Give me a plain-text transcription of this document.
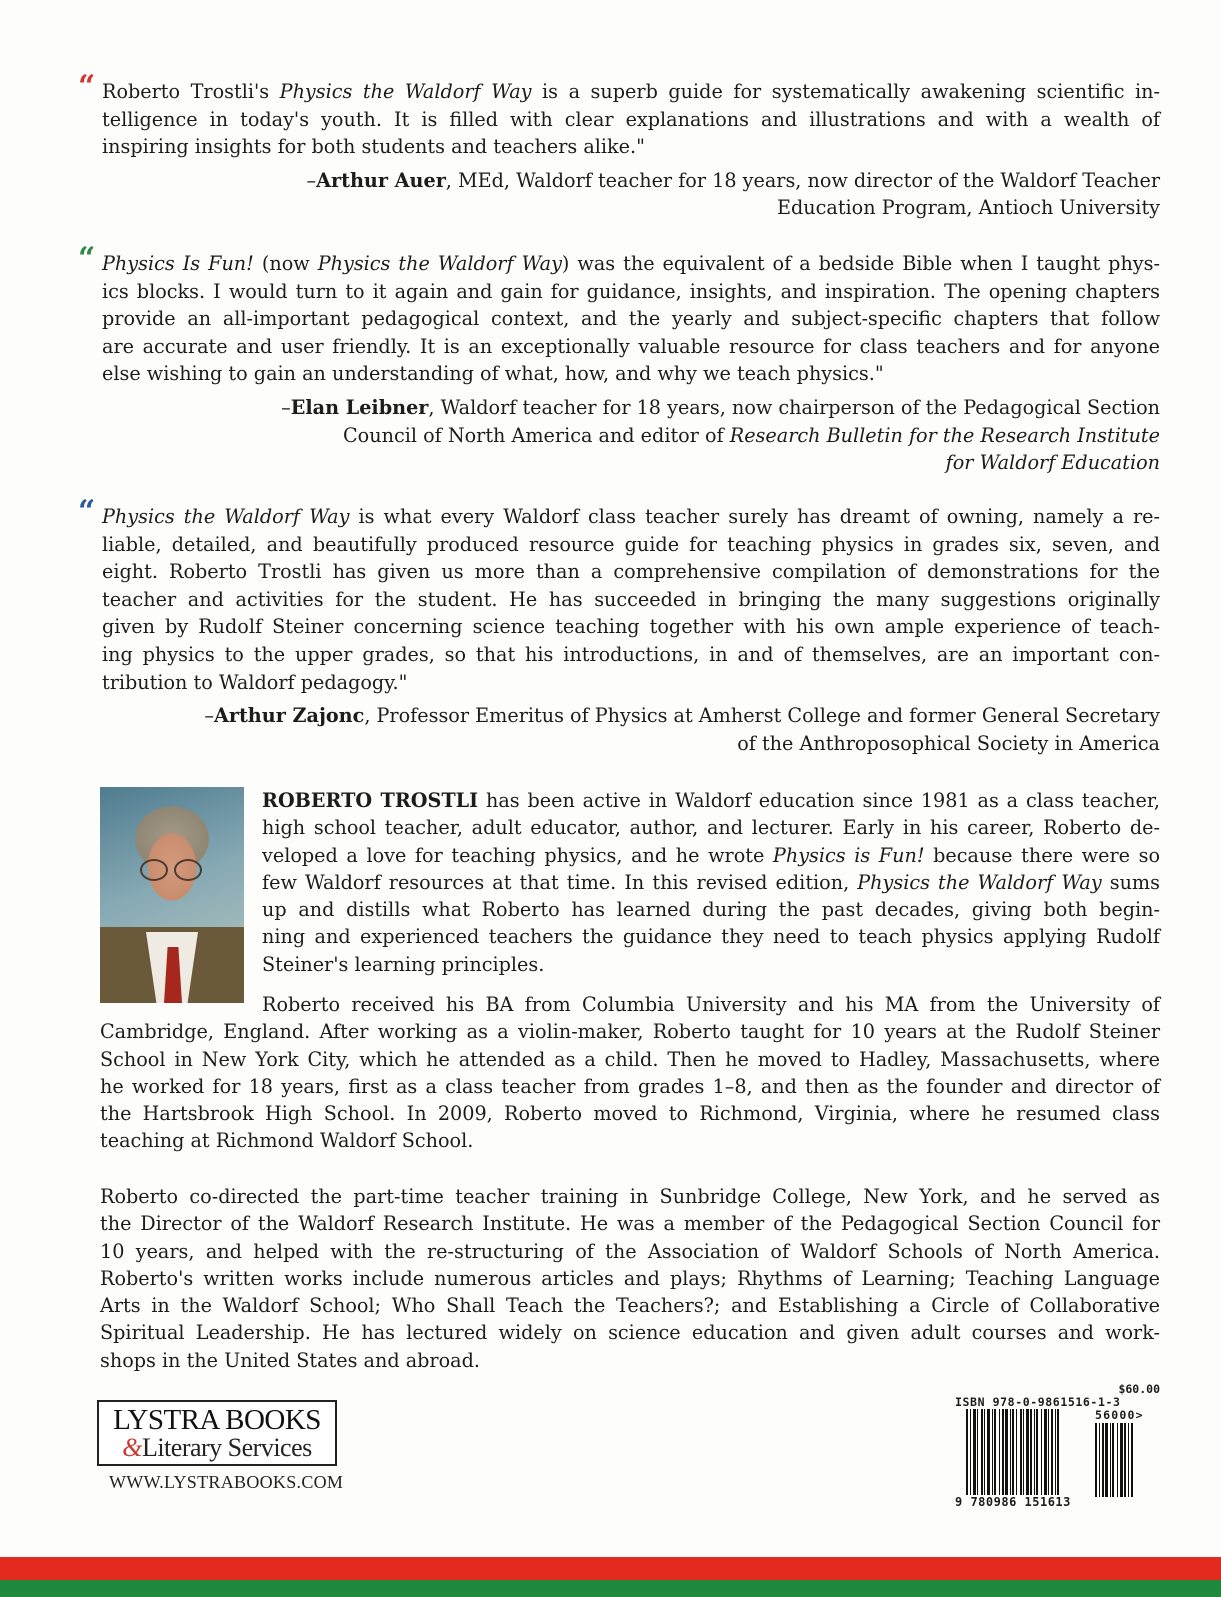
“ Roberto Trostli's Physics the Waldorf Way is a superb guide for systematically awakening scientific in-
telligence in today's youth. It is filled with clear explanations and illustrations and with a wealth of
inspiring insights for both students and teachers alike."
–Arthur Auer, MEd, Waldorf teacher for 18 years, now director of the Waldorf Teacher
Education Program, Antioch University
“ Physics Is Fun! (now Physics the Waldorf Way) was the equivalent of a bedside Bible when I taught phys-
ics blocks. I would turn to it again and gain for guidance, insights, and inspiration. The opening chapters
provide an all-important pedagogical context, and the yearly and subject-specific chapters that follow
are accurate and user friendly. It is an exceptionally valuable resource for class teachers and for anyone
else wishing to gain an understanding of what, how, and why we teach physics."
–Elan Leibner, Waldorf teacher for 18 years, now chairperson of the Pedagogical Section
Council of North America and editor of Research Bulletin for the Research Institute
for Waldorf Education
“ Physics the Waldorf Way is what every Waldorf class teacher surely has dreamt of owning, namely a re-
liable, detailed, and beautifully produced resource guide for teaching physics in grades six, seven, and
eight. Roberto Trostli has given us more than a comprehensive compilation of demonstrations for the
teacher and activities for the student. He has succeeded in bringing the many suggestions originally
given by Rudolf Steiner concerning science teaching together with his own ample experience of teach-
ing physics to the upper grades, so that his introductions, in and of themselves, are an important con-
tribution to Waldorf pedagogy."
–Arthur Zajonc, Professor Emeritus of Physics at Amherst College and former General Secretary
of the Anthroposophical Society in America
ROBERTO TROSTLI has been active in Waldorf education since 1981 as a class teacher,
high school teacher, adult educator, author, and lecturer. Early in his career, Roberto de-
veloped a love for teaching physics, and he wrote Physics is Fun! because there were so
few Waldorf resources at that time. In this revised edition, Physics the Waldorf Way sums
up and distills what Roberto has learned during the past decades, giving both begin-
ning and experienced teachers the guidance they need to teach physics applying Rudolf
Steiner's learning principles.
Roberto received his BA from Columbia University and his MA from the University of
Cambridge, England. After working as a violin-maker, Roberto taught for 10 years at the Rudolf Steiner
School in New York City, which he attended as a child. Then he moved to Hadley, Massachusetts, where
he worked for 18 years, first as a class teacher from grades 1–8, and then as the founder and director of
the Hartsbrook High School. In 2009, Roberto moved to Richmond, Virginia, where he resumed class
teaching at Richmond Waldorf School.
Roberto co-directed the part-time teacher training in Sunbridge College, New York, and he served as
the Director of the Waldorf Research Institute. He was a member of the Pedagogical Section Council for
10 years, and helped with the re-structuring of the Association of Waldorf Schools of North America.
Roberto's written works include numerous articles and plays; Rhythms of Learning; Teaching Language
Arts in the Waldorf School; Who Shall Teach the Teachers?; and Establishing a Circle of Collaborative
Spiritual Leadership. He has lectured widely on science education and given adult courses and work-
shops in the United States and abroad.
LYSTRA BOOKS
&Literary Services
WWW.LYSTRABOOKS.COM
$60.00
ISBN 978-0-9861516-1-3
56000>
9 780986 151613
